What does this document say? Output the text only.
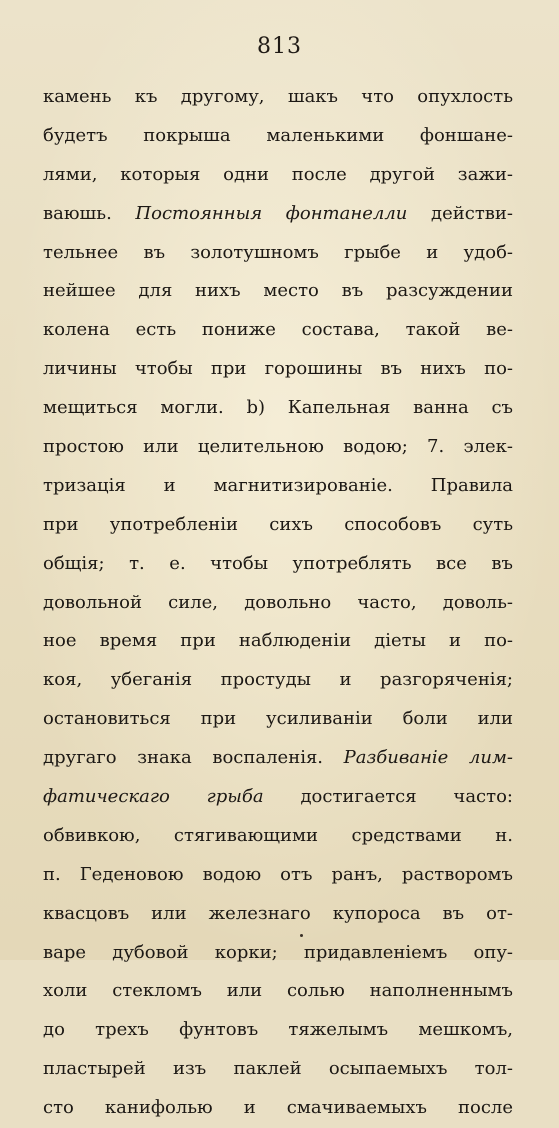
813
камень къ другому, шакъ что опухлость
будетъ покрыша маленькими фоншане-
лями, которыя одни после другой зажи-
ваюшь. Постоянныя фонтанелли действи-
тельнее въ золотушномъ грыбе и удоб-
нейшее для нихъ место въ разсуждении
колена есть пониже состава, такой ве-
личины чтобы при горошины въ нихъ по-
мещиться могли. b) Капельная ванна съ
простою или целительною водою; 7. элек-
тризація и магнитизированіе. Правила
при употребленіи сихъ способовъ суть
общія; т. е. чтобы употреблять все въ
довольной силе, довольно часто, доволь-
ное время при наблюденіи діеты и по-
коя, убеганія простуды и разгоряченія;
остановиться при усиливаніи боли или
другаго знака воспаленія. Разбиваніе лим-
фатическаго грыба достигается часто:
обвивкою, стягивающими средствами н.
п. Геденовою водою отъ ранъ, растворомъ
квасцовъ или железнаго купороса въ от-
варе дубовой корки; придавленіемъ опу-
холи стекломъ или солью наполненнымъ
до трехъ фунтовъ тяжелымъ мешкомъ,
пластырей изъ паклей осыпаемыхъ тол-
сто канифолью и смачиваемыхъ после
